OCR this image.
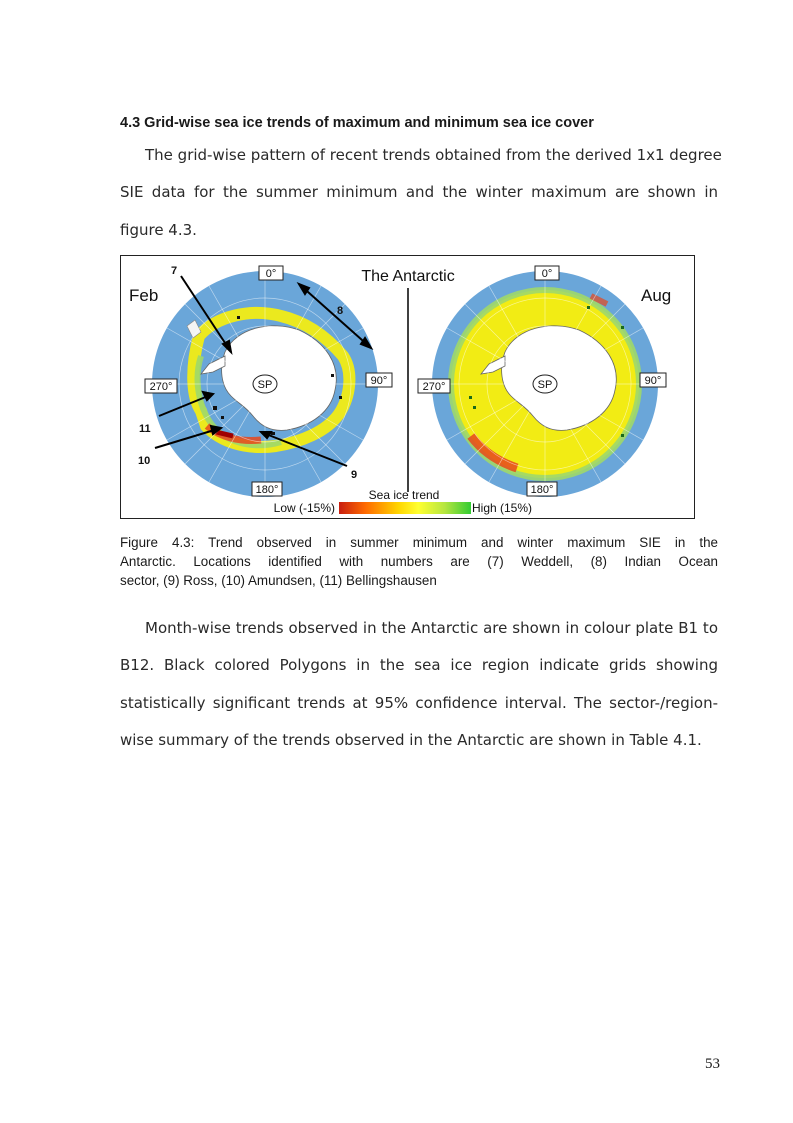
4.3 Grid-wise sea ice trends of maximum and minimum sea ice cover
The grid-wise pattern of recent trends obtained from the derived 1x1 degree
SIE data for the summer minimum and the winter maximum are shown in
figure 4.3.
The Antarctic
Feb	Aug
0°
90°
180°
270°	SP
0°
90°
180°
270°	SP
7
8
9
10
11
Sea ice trend
Low (-15%)	High (15%)
Figure 4.3: Trend observed in summer minimum and winter maximum SIE in the
Antarctic. Locations identified with numbers are (7) Weddell, (8) Indian Ocean
sector, (9) Ross, (10) Amundsen, (11) Bellingshausen
Month-wise trends observed in the Antarctic are shown in colour plate B1 to
B12. Black colored Polygons in the sea ice region indicate grids showing
statistically significant trends at 95% confidence interval. The sector-/region-
wise summary of the trends observed in the Antarctic are shown in Table 4.1.
53
